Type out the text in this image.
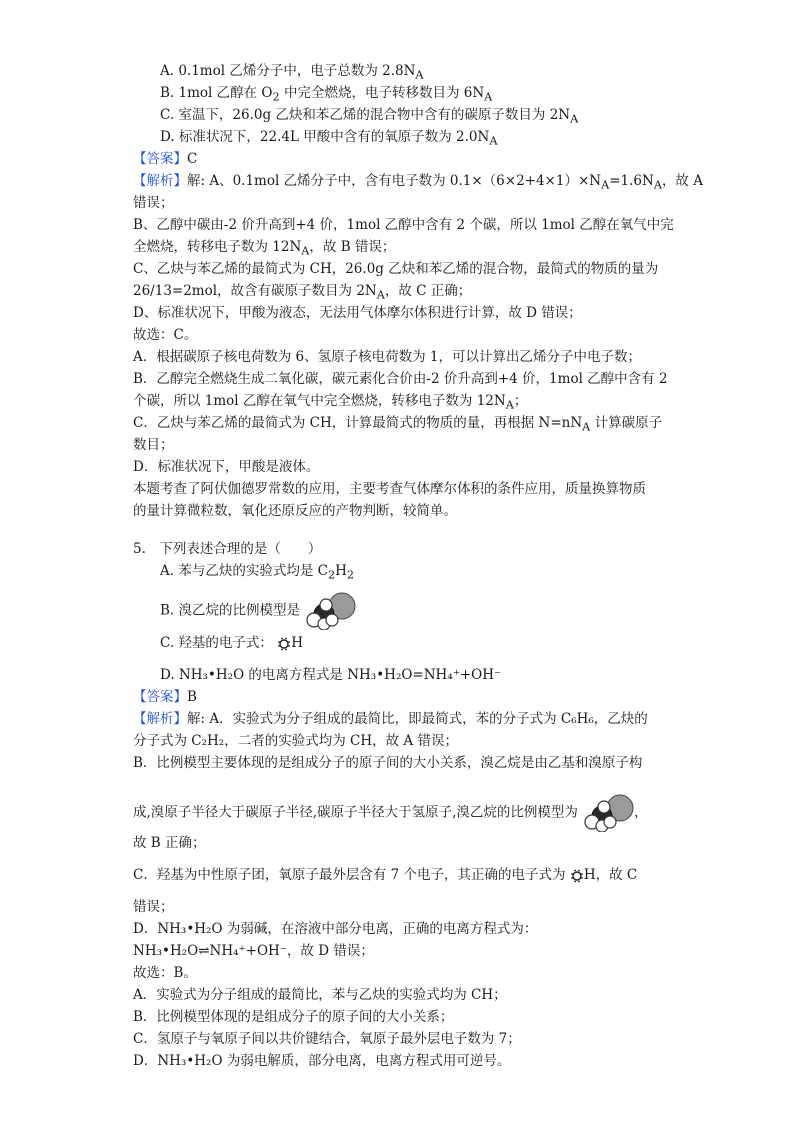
A. 0.1mol 乙烯分子中，电子总数为 $2.8N_A$
B. 1mol 乙醇在 $O_2$ 中完全燃烧，电子转移数目为 $6N_A$
C. 室温下，26.0g 乙炔和苯乙烯的混合物中含有的碳原子数目为 $2N_A$
D. 标准状况下，22.4L 甲酸中含有的氧原子数为 $2.0N_A$
【答案】C
【解析】解: A、0.1mol 乙烯分子中，含有电子数为 $0.1\times(6\times 2+4\times 1)\times N_A=1.6N_A$，故 A
错误；
B、乙醇中碳由-2 价升高到+4 价，1mol 乙醇中含有 2 个碳，所以 1mol 乙醇在氧气中完
全燃烧，转移电子数为 $12N_A$，故 B 错误；
C、乙炔与苯乙烯的最简式为 CH，26.0g 乙炔和苯乙烯的混合物，最简式的物质的量为
26/13=2mol，故含有碳原子数目为 $2N_A$，故 C 正确；
D、标准状况下，甲酸为液态，无法用气体摩尔体积进行计算，故 D 错误；
故选：C。
A．根据碳原子核电荷数为 6、氢原子核电荷数为 1，可以计算出乙烯分子中电子数；
B．乙醇完全燃烧生成二氧化碳，碳元素化合价由-2 价升高到+4 价，1mol 乙醇中含有 2
个碳，所以 1mol 乙醇在氧气中完全燃烧，转移电子数为 $12N_A$；
C．乙炔与苯乙烯的最简式为 CH，计算最简式的物质的量，再根据 $N=nN_A$ 计算碳原子
数目；
D．标准状况下，甲酸是液体。
本题考查了阿伏伽德罗常数的应用，主要考查气体摩尔体积的条件应用，质量换算物质
的量计算微粒数，氧化还原反应的产物判断，较简单。
5.　下列表述合理的是（　　）
A. 苯与乙炔的实验式均是 $C_2H_2$
B. 溴乙烷的比例模型是
C. 羟基的电子式： H
D. NH₃•H₂O 的电离方程式是 NH₃•H₂O=NH₄⁺+OH⁻
【答案】B
【解析】解: A．实验式为分子组成的最简比，即最简式，苯的分子式为 C₆H₆，乙炔的
分子式为 C₂H₂，二者的实验式均为 CH，故 A 错误；
B．比例模型主要体现的是组成分子的原子间的大小关系，溴乙烷是由乙基和溴原子构
成,溴原子半径大于碳原子半径,碳原子半径大于氢原子,溴乙烷的比例模型为	，
故 B 正确；
C．羟基为中性原子团，氧原子最外层含有 7 个电子，其正确的电子式为 H，故 C
错误；
D．NH₃•H₂O 为弱碱，在溶液中部分电离，正确的电离方程式为：
NH₃•H₂O⇌NH₄⁺+OH⁻，故 D 错误；
故选：B。
A．实验式为分子组成的最简比，苯与乙炔的实验式均为 CH；
B．比例模型体现的是组成分子的原子间的大小关系；
C．氢原子与氧原子间以共价键结合，氧原子最外层电子数为 7；
D．NH₃•H₂O 为弱电解质，部分电离，电离方程式用可逆号。
